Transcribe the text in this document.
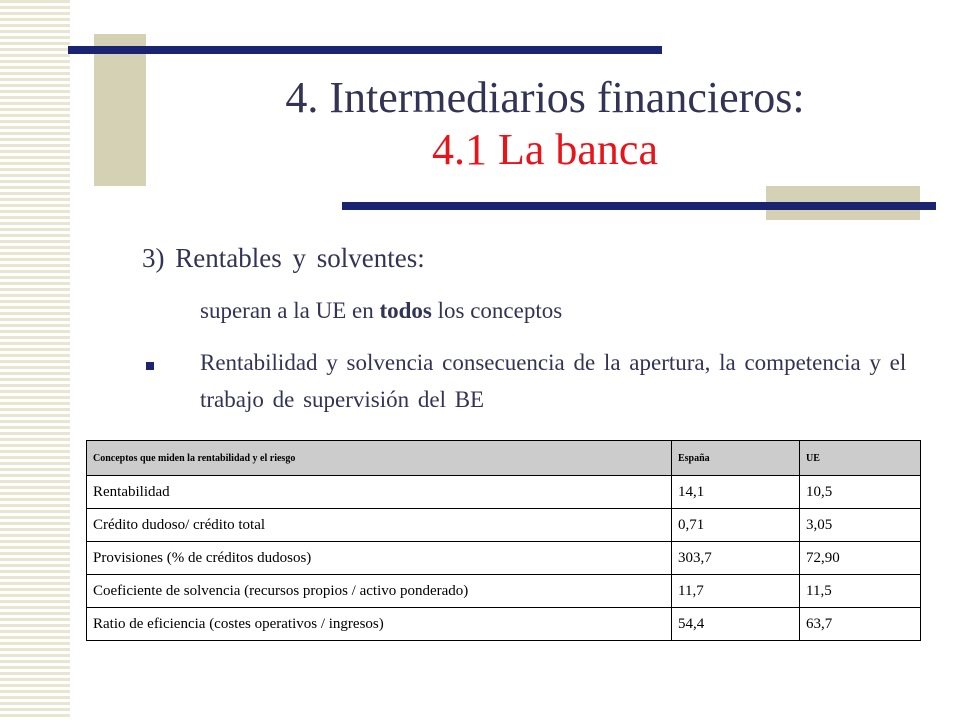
4. Intermediarios financieros:
4.1 La banca
3) Rentables y solventes:
superan a la UE en todos los conceptos
Rentabilidad y solvencia consecuencia de la apertura, la competencia y el trabajo de supervisión del BE
Conceptos que miden la rentabilidad y el riesgo	España	UE
Rentabilidad	14,1	10,5
Crédito dudoso/ crédito total	0,71	3,05
Provisiones (% de créditos dudosos)	303,7	72,90
Coeficiente de solvencia (recursos propios / activo ponderado)	11,7	11,5
Ratio de eficiencia (costes operativos / ingresos)	54,4	63,7
